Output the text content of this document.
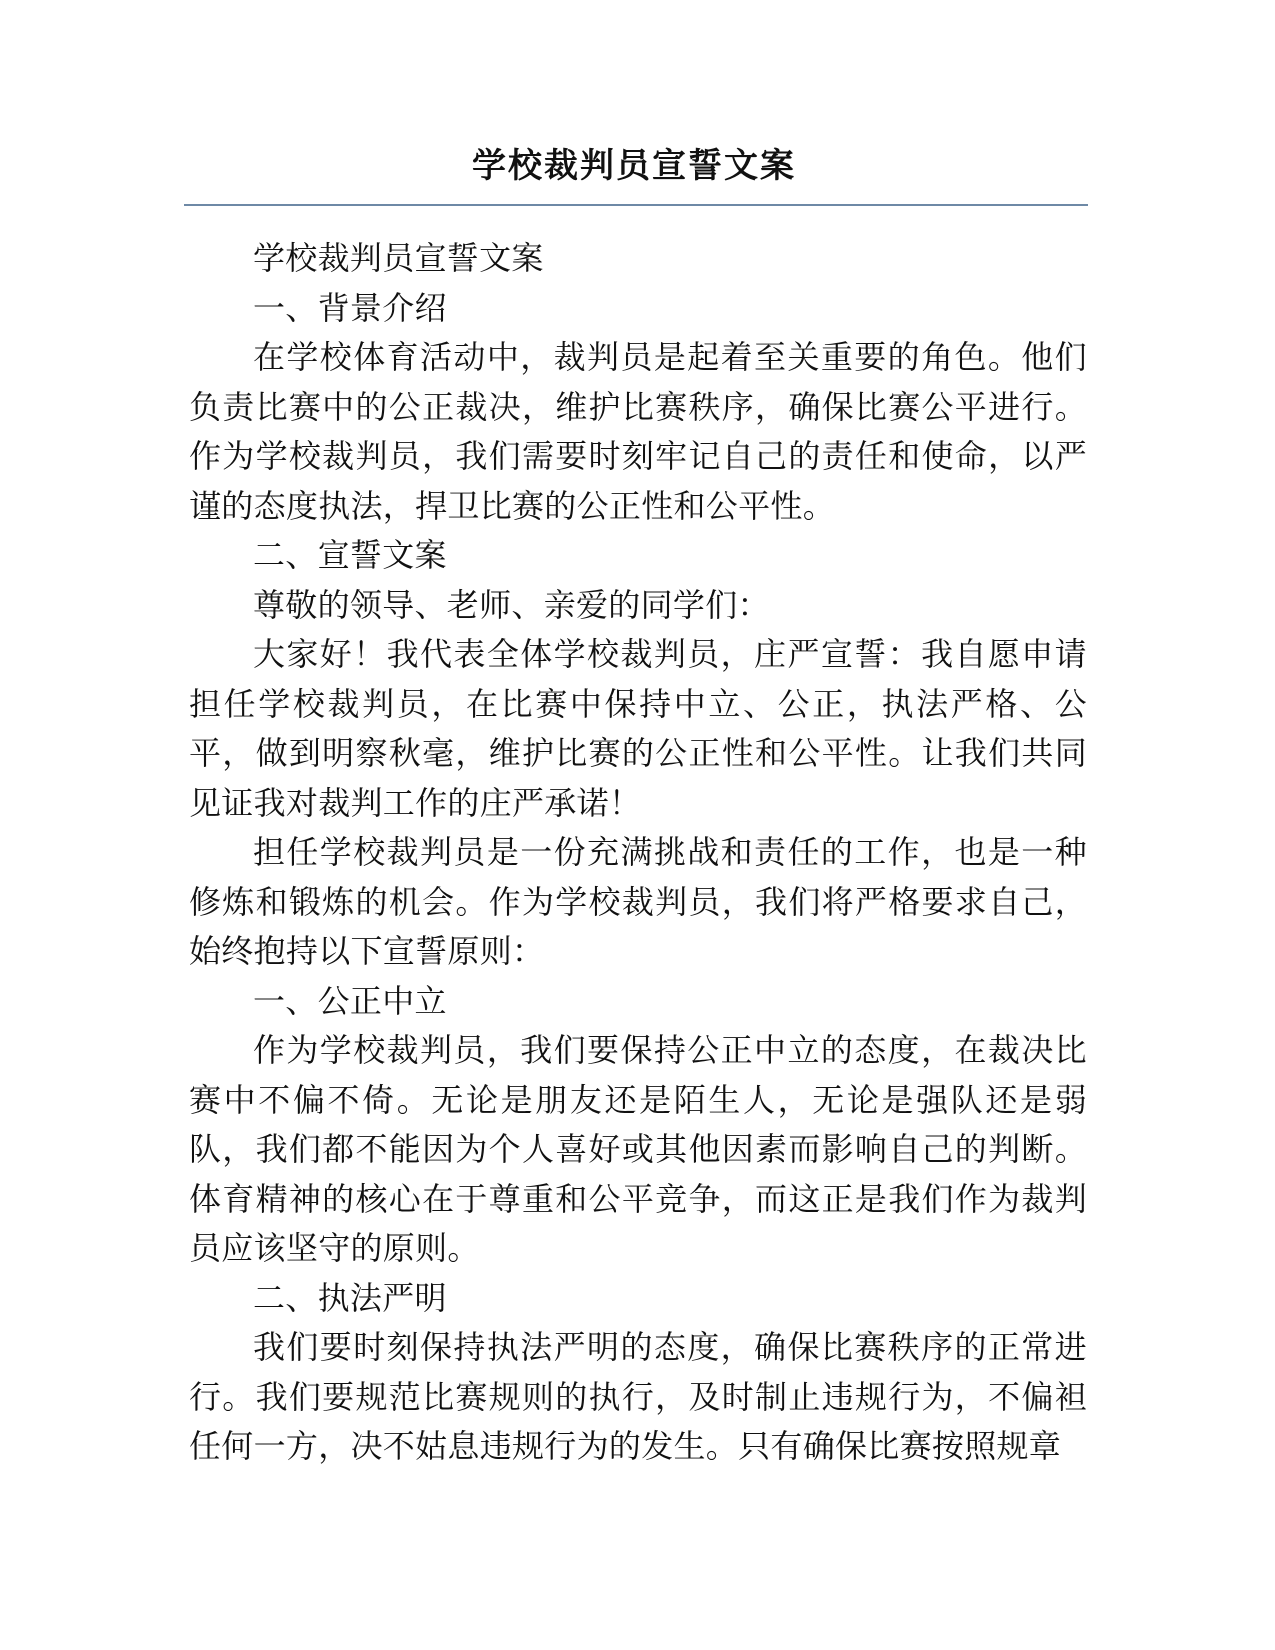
学校裁判员宣誓文案

学校裁判员宣誓文案

一、背景介绍

在学校体育活动中，裁判员是起着至关重要的角色。他们负责比赛中的公正裁决，维护比赛秩序，确保比赛公平进行。作为学校裁判员，我们需要时刻牢记自己的责任和使命，以严谨的态度执法，捍卫比赛的公正性和公平性。

二、宣誓文案

尊敬的领导、老师、亲爱的同学们：

大家好！我代表全体学校裁判员，庄严宣誓：我自愿申请担任学校裁判员，在比赛中保持中立、公正，执法严格、公平，做到明察秋毫，维护比赛的公正性和公平性。让我们共同见证我对裁判工作的庄严承诺！

担任学校裁判员是一份充满挑战和责任的工作，也是一种修炼和锻炼的机会。作为学校裁判员，我们将严格要求自己，始终抱持以下宣誓原则：

一、公正中立

作为学校裁判员，我们要保持公正中立的态度，在裁决比赛中不偏不倚。无论是朋友还是陌生人，无论是强队还是弱队，我们都不能因为个人喜好或其他因素而影响自己的判断。体育精神的核心在于尊重和公平竞争，而这正是我们作为裁判员应该坚守的原则。

二、执法严明

我们要时刻保持执法严明的态度，确保比赛秩序的正常进行。我们要规范比赛规则的执行，及时制止违规行为，不偏袒任何一方，决不姑息违规行为的发生。只有确保比赛按照规章
